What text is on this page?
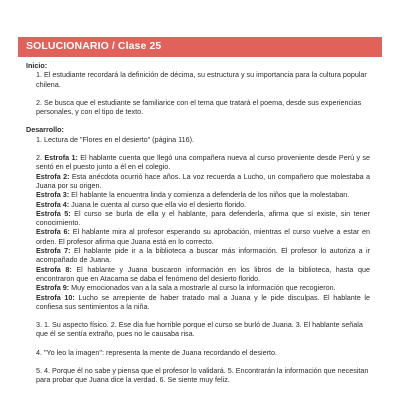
SOLUCIONARIO / Clase 25
Inicio:

1. El estudiante recordará la definición de décima, su estructura y su importancia para la cultura popular chilena.

2. Se busca que el estudiante se familiarice con el tema que tratará el poema, desde sus experiencias personales, y con el tipo de texto.

Desarrollo:

1. Lectura de "Flores en el desierto" (página 116).

2. Estrofa 1: El hablante cuenta que llegó una compañera nueva al curso proveniente desde Perú y se sentó en el puesto junto a él en el colegio.

Estrofa 2: Esta anécdota ocurrió hace años. La voz recuerda a Lucho, un compañero que molestaba a Juana por su origen.

Estrofa 3: El hablante la encuentra linda y comienza a defenderla de los niños que la molestaban.

Estrofa 4: Juana le cuenta al curso que ella vio el desierto florido.

Estrofa 5: El curso se burla de ella y el hablante, para defenderla, afirma que sí existe, sin tener conocimiento.

Estrofa 6: El hablante mira al profesor esperando su aprobación, mientras el curso vuelve a estar en orden. El profesor afirma que Juana está en lo correcto.

Estrofa 7: El hablante pide ir a la biblioteca a buscar más información. El profesor lo autoriza a ir acompañado de Juana.

Estrofa 8: El hablante y Juana buscaron información en los libros de la biblioteca, hasta que encontraron que en Atacama se daba el fenómeno del desierto florido.

Estrofa 9: Muy emocionados van a la sala a mostrarle al curso la información que recogieron.

Estrofa 10: Lucho se arrepiente de haber tratado mal a Juana y le pide disculpas. El hablante le confiesa sus sentimientos a la niña.

3. 1. Su aspecto físico. 2. Ese día fue horrible porque el curso se burló de Juana. 3. El hablante señala que él se sentía extraño, pues no le causaba risa.

4. "Yo leo la imagen": representa la mente de Juana recordando el desierto.

5. 4. Porque él no sabe y piensa que el profesor lo validará. 5. Encontrarán la información que necesitan para probar que Juana dice la verdad. 6. Se siente muy feliz.
